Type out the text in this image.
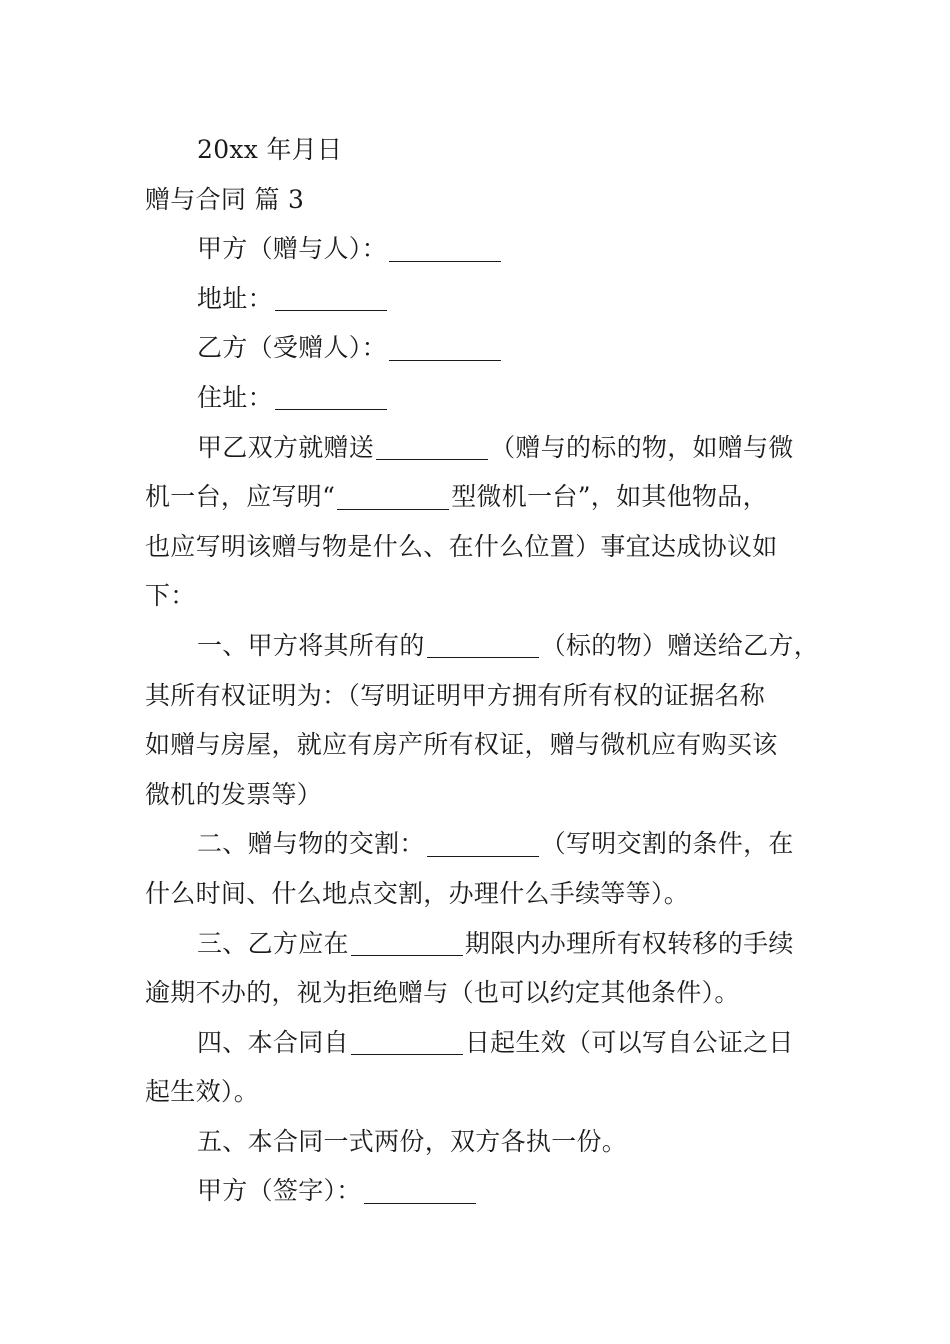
20xx 年月日
赠与合同 篇 3
甲方（赠与人）：
地址：
乙方（受赠人）：
住址：
甲乙双方就赠送	（赠与的标的物，如赠与微
机一台，应写明“	型微机一台”，如其他物品，
也应写明该赠与物是什么、在什么位置）事宜达成协议如
下：
一、甲方将其所有的	（标的物）赠送给乙方，
其所有权证明为：（写明证明甲方拥有所有权的证据名称
如赠与房屋，就应有房产所有权证，赠与微机应有购买该
微机的发票等）
二、赠与物的交割：	（写明交割的条件，在
什么时间、什么地点交割，办理什么手续等等）。
三、乙方应在	期限内办理所有权转移的手续
逾期不办的，视为拒绝赠与（也可以约定其他条件）。
四、本合同自	日起生效（可以写自公证之日
起生效）。
五、本合同一式两份，双方各执一份。
甲方（签字）：
